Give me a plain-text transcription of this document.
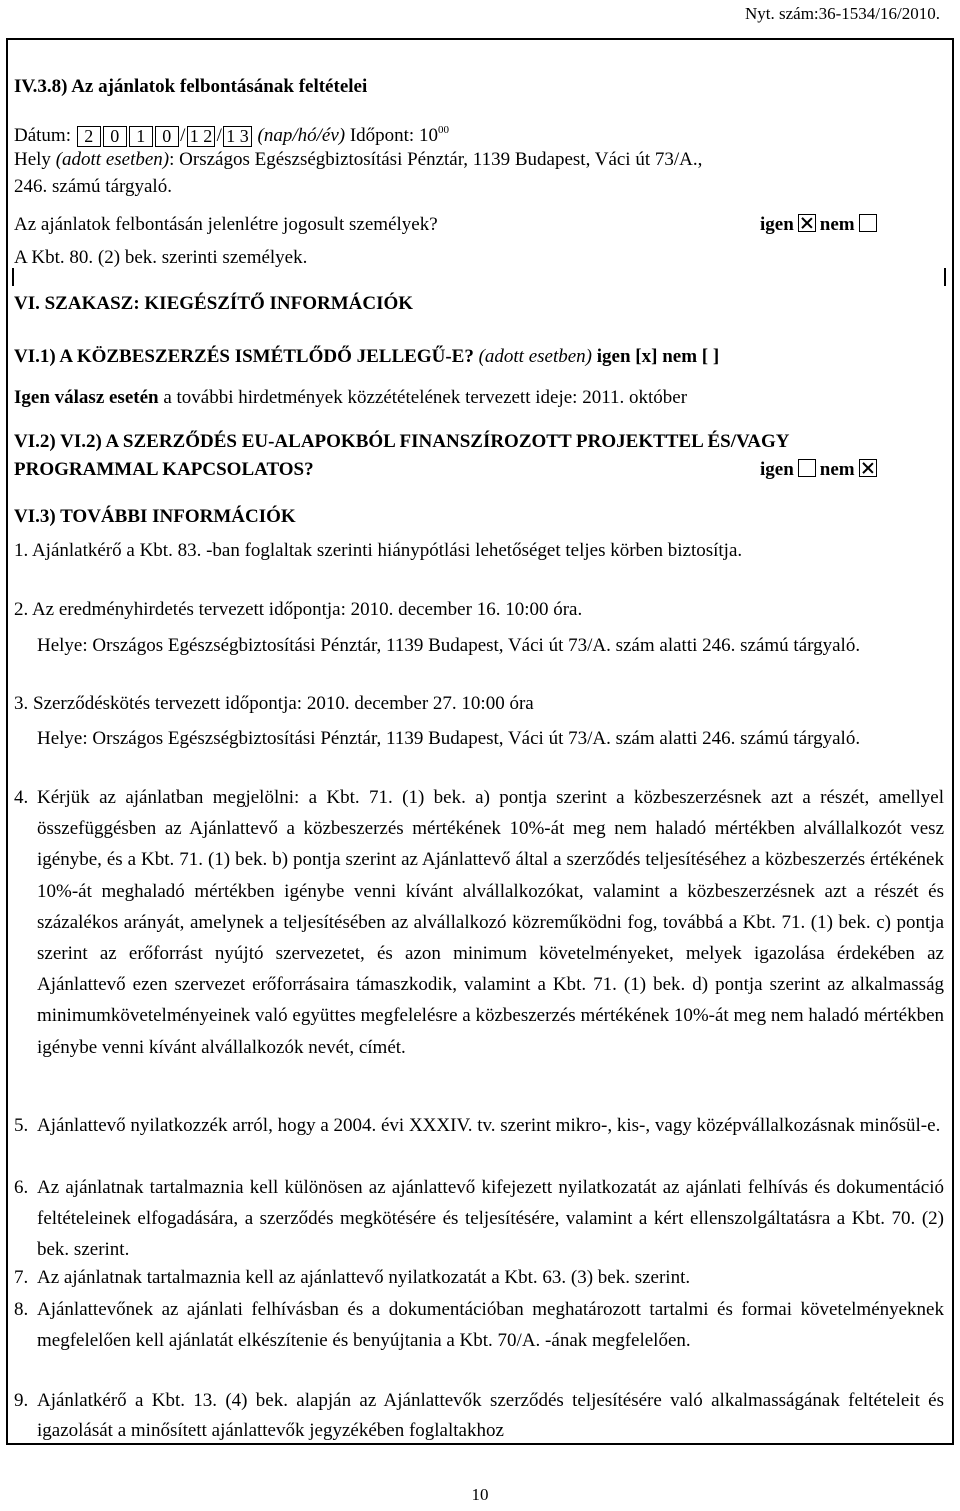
Nyt. szám:36-1534/16/2010.
IV.3.8) Az ajánlatok felbontásának feltételei
Dátum: 2 0 1 0 / 1 2 / 1 3 (nap/hó/év) Időpont: $10^{00}$
Hely (adott esetben): Országos Egészségbiztosítási Pénztár, 1139 Budapest, Váci út 73/A.,
246. számú tárgyaló.
Az ajánlatok felbontásán jelenlétre jogosult személyek?	igen nem
A Kbt. 80. (2) bek. szerinti személyek.
VI. SZAKASZ: KIEGÉSZÍTŐ INFORMÁCIÓK
VI.1) A KÖZBESZERZÉS ISMÉTLŐDŐ JELLEGŰ-E? (adott esetben) igen [x] nem [ ]
Igen válasz esetén a további hirdetmények közzétételének tervezett ideje: 2011. október
VI.2) VI.2) A SZERZŐDÉS EU-ALAPOKBÓL FINANSZÍROZOTT PROJEKTTEL ÉS/VAGY
PROGRAMMAL KAPCSOLATOS?	igen nem
VI.3) TOVÁBBI INFORMÁCIÓK
1. Ajánlatkérő a Kbt. 83. -ban foglaltak szerinti hiánypótlási lehetőséget teljes körben biztosítja.
2. Az eredményhirdetés tervezett időpontja: 2010. december 16. 10:00 óra.
Helye: Országos Egészségbiztosítási Pénztár, 1139 Budapest, Váci út 73/A. szám alatti 246. számú tárgyaló.
3. Szerződéskötés tervezett időpontja: 2010. december 27. 10:00 óra
Helye: Országos Egészségbiztosítási Pénztár, 1139 Budapest, Váci út 73/A. szám alatti 246. számú tárgyaló.
4. Kérjük az ajánlatban megjelölni: a Kbt. 71. (1) bek. a) pontja szerint a közbeszerzésnek azt a részét, amellyel összefüggésben az Ajánlattevő a közbeszerzés mértékének 10%-át meg nem haladó mértékben alvállalkozót vesz igénybe, és a Kbt. 71. (1) bek. b) pontja szerint az Ajánlattevő által a szerződés teljesítéséhez a közbeszerzés értékének 10%-át meghaladó mértékben igénybe venni kívánt alvállalkozókat, valamint a közbeszerzésnek azt a részét és százalékos arányát, amelynek a teljesítésében az alvállalkozó közreműködni fog, továbbá a Kbt. 71. (1) bek. c) pontja szerint az erőforrást nyújtó szervezetet, és azon minimum követelményeket, melyek igazolása érdekében az Ajánlattevő ezen szervezet erőforrásaira támaszkodik, valamint a Kbt. 71. (1) bek. d) pontja szerint az alkalmasság minimumkövetelményeinek való együttes megfelelésre a közbeszerzés mértékének 10%-át meg nem haladó mértékben igénybe venni kívánt alvállalkozók nevét, címét.
5. Ajánlattevő nyilatkozzék arról, hogy a 2004. évi XXXIV. tv. szerint mikro-, kis-, vagy középvállalkozásnak minősül-e.
6. Az ajánlatnak tartalmaznia kell különösen az ajánlattevő kifejezett nyilatkozatát az ajánlati felhívás és dokumentáció feltételeinek elfogadására, a szerződés megkötésére és teljesítésére, valamint a kért ellenszolgáltatásra a Kbt. 70. (2) bek. szerint.
7. Az ajánlatnak tartalmaznia kell az ajánlattevő nyilatkozatát a Kbt. 63. (3) bek. szerint.
8. Ajánlattevőnek az ajánlati felhívásban és a dokumentációban meghatározott tartalmi és formai követelményeknek megfelelően kell ajánlatát elkészítenie és benyújtania a Kbt. 70/A. -ának megfelelően.
9. Ajánlatkérő a Kbt. 13. (4) bek. alapján az Ajánlattevők szerződés teljesítésére való alkalmasságának feltételeit és igazolását a minősített ajánlattevők jegyzékében foglaltakhoz
10
